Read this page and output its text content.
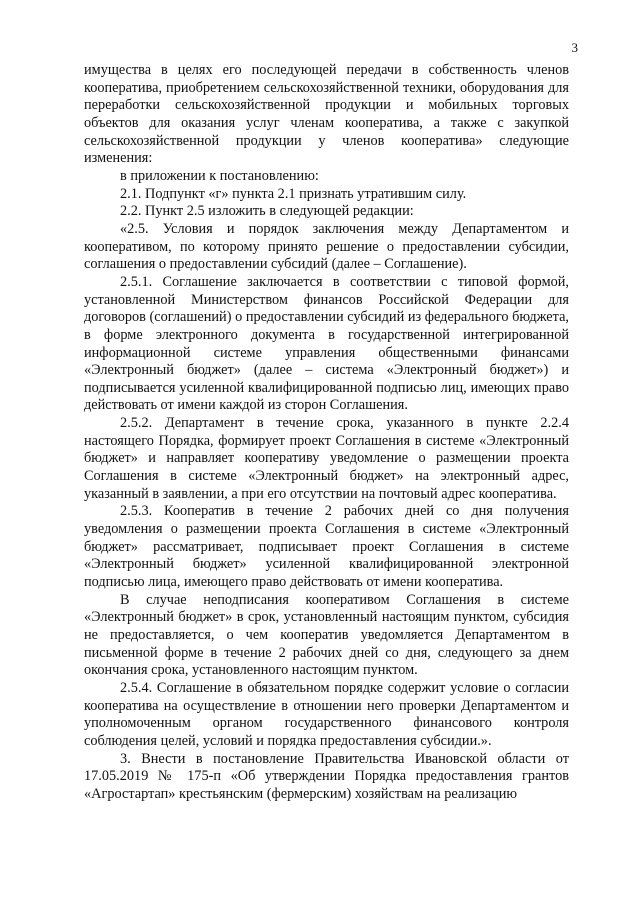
3

имущества в целях его последующей передачи в собственность членов кооператива, приобретением сельскохозяйственной техники, оборудования для переработки сельскохозяйственной продукции и мобильных торговых объектов для оказания услуг членам кооператива, а также с закупкой сельскохозяйственной продукции у членов кооператива» следующие изменения:

в приложении к постановлению:

2.1. Подпункт «г» пункта 2.1 признать утратившим силу.

2.2. Пункт 2.5 изложить в следующей редакции:

«2.5. Условия и порядок заключения между Департаментом и кооперативом, по которому принято решение о предоставлении субсидии, соглашения о предоставлении субсидий (далее – Соглашение).

2.5.1. Соглашение заключается в соответствии с типовой формой, установленной Министерством финансов Российской Федерации для договоров (соглашений) о предоставлении субсидий из федерального бюджета, в форме электронного документа в государственной интегрированной информационной системе управления общественными финансами «Электронный бюджет» (далее – система «Электронный бюджет») и подписывается усиленной квалифицированной подписью лиц, имеющих право действовать от имени каждой из сторон Соглашения.

2.5.2. Департамент в течение срока, указанного в пункте 2.2.4 настоящего Порядка, формирует проект Соглашения в системе «Электронный бюджет» и направляет кооперативу уведомление о размещении проекта Соглашения в системе «Электронный бюджет» на электронный адрес, указанный в заявлении, а при его отсутствии на почтовый адрес кооператива.

2.5.3. Кооператив в течение 2 рабочих дней со дня получения уведомления о размещении проекта Соглашения в системе «Электронный бюджет» рассматривает, подписывает проект Соглашения в системе «Электронный бюджет» усиленной квалифицированной электронной подписью лица, имеющего право действовать от имени кооператива.

В случае неподписания кооперативом Соглашения в системе «Электронный бюджет» в срок, установленный настоящим пунктом, субсидия не предоставляется, о чем кооператив уведомляется Департаментом в письменной форме в течение 2 рабочих дней со дня, следующего за днем окончания срока, установленного настоящим пунктом.

2.5.4. Соглашение в обязательном порядке содержит условие о согласии кооператива на осуществление в отношении него проверки Департаментом и уполномоченным органом государственного финансового контроля соблюдения целей, условий и порядка предоставления субсидии.».

3. Внести в постановление Правительства Ивановской области от 17.05.2019 № 175-п «Об утверждении Порядка предоставления грантов «Агростартап» крестьянским (фермерским) хозяйствам на реализацию
